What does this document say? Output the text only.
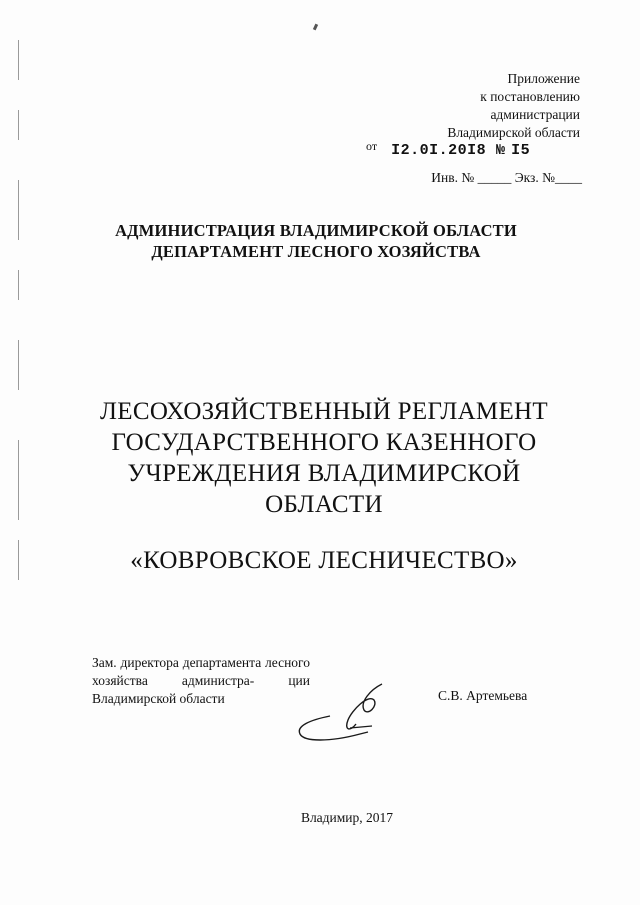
Приложение
к постановлению
администрации
Владимирской области
от I2.0I.20I8 № I5
Инв. № _____ Экз. №____
АДМИНИСТРАЦИЯ ВЛАДИМИРСКОЙ ОБЛАСТИ
ДЕПАРТАМЕНТ ЛЕСНОГО ХОЗЯЙСТВА
ЛЕСОХОЗЯЙСТВЕННЫЙ РЕГЛАМЕНТ
ГОСУДАРСТВЕННОГО КАЗЕННОГО
УЧРЕЖДЕНИЯ ВЛАДИМИРСКОЙ
ОБЛАСТИ
«КОВРОВСКОЕ ЛЕСНИЧЕСТВО»
Зам. директора департамента лесного хозяйства администра- ции Владимирской области	С.В. Артемьева
Владимир, 2017
